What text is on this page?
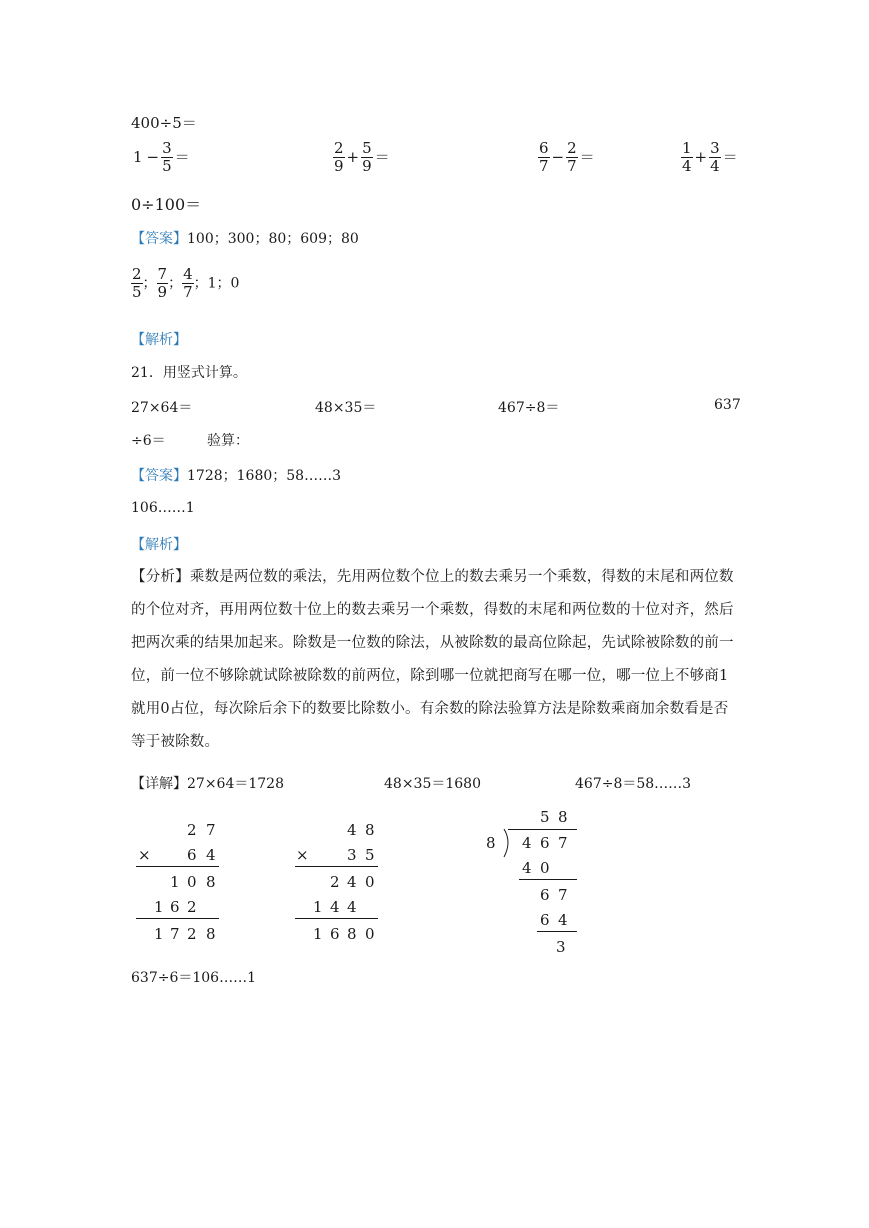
400÷5＝
$1 - \frac{3}{5}$ ＝	$\frac{2}{9} + \frac{5}{9}$ ＝	$\frac{6}{7} - \frac{2}{7}$ ＝	$\frac{1}{4} + \frac{3}{4}$ ＝
0÷100＝
【答案】100；300；80；609；80
$\frac{2}{5}$ ； $\frac{7}{9}$ ； $\frac{4}{7}$ ；1；0
【解析】
21．用竖式计算。
27×64＝	48×35＝	467÷8＝	637
÷6＝	验算：
【答案】1728；1680；58……3
106……1
【解析】
【分析】乘数是两位数的乘法，先用两位数个位上的数去乘另一个乘数，得数的末尾和两位数的个位对齐，再用两位数十位上的数去乘另一个乘数，得数的末尾和两位数的十位对齐，然后把两次乘的结果加起来。除数是一位数的除法，从被除数的最高位除起，先试除被除数的前一位，前一位不够除就试除被除数的前两位，除到哪一位就把商写在哪一位，哪一位上不够商1就用0占位，每次除后余下的数要比除数小。有余数的除法验算方法是除数乘商加余数看是否等于被除数。
【详解】27×64＝1728	48×35＝1680	467÷8＝58……3
2 7
× 6 4
1 0 8
1 6 2
1 7 2 8
4 8
×	3 5
2 4 0
1 4 4
1 6 8 0
5 8
8 4 6 7
4 0
6 7
6 4
3
637÷6＝106……1
